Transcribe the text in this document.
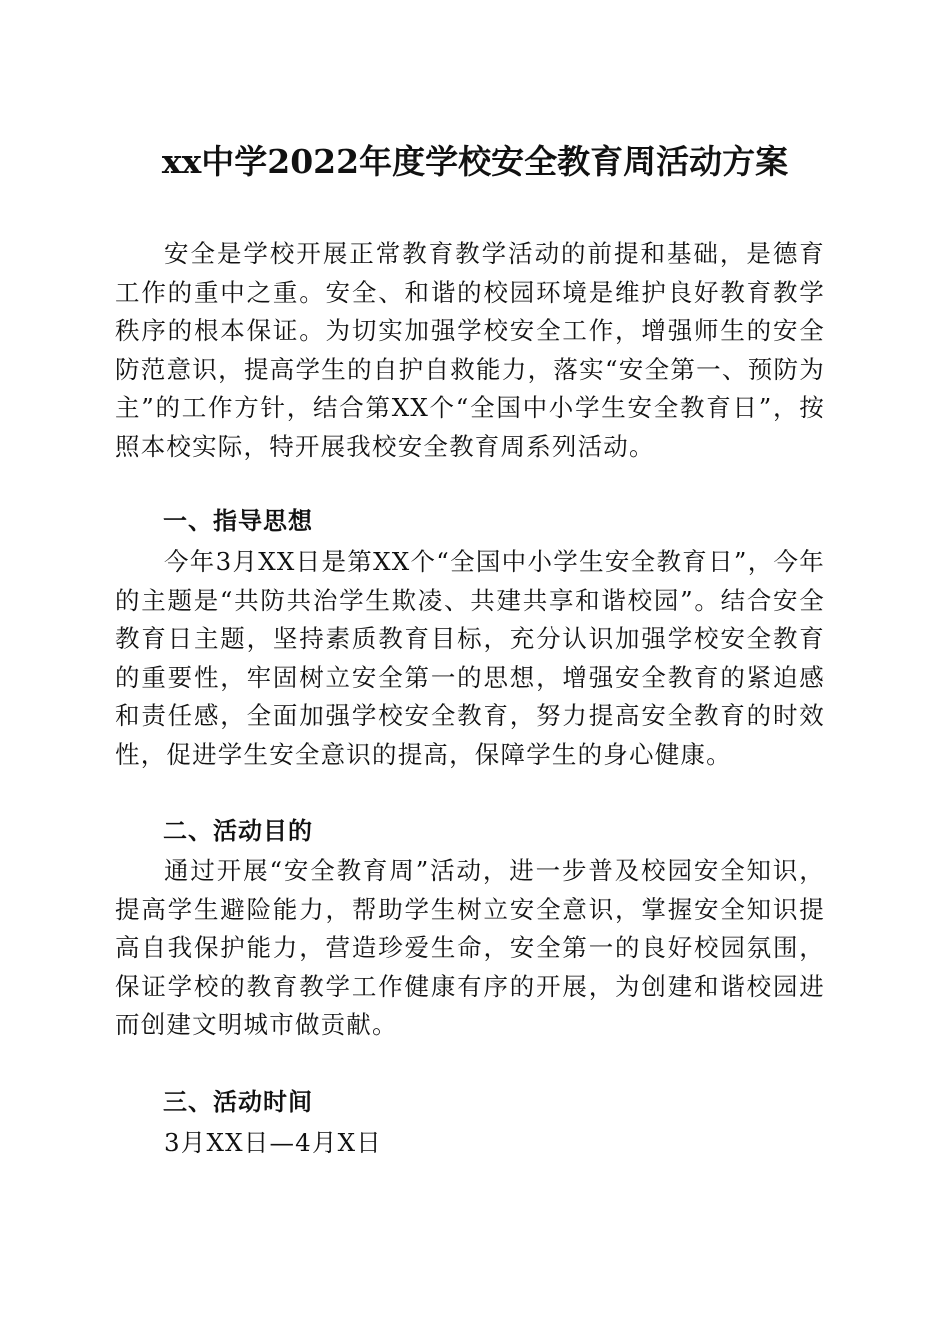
xx中学2022年度学校安全教育周活动方案

安全是学校开展正常教育教学活动的前提和基础，是德育工作的重中之重。安全、和谐的校园环境是维护良好教育教学秩序的根本保证。为切实加强学校安全工作，增强师生的安全防范意识，提高学生的自护自救能力，落实“安全第一、预防为主”的工作方针，结合第XX个“全国中小学生安全教育日”，按照本校实际，特开展我校安全教育周系列活动。

一、指导思想

今年3月XX日是第XX个“全国中小学生安全教育日”，今年的主题是“共防共治学生欺凌、共建共享和谐校园”。结合安全教育日主题，坚持素质教育目标，充分认识加强学校安全教育的重要性，牢固树立安全第一的思想，增强安全教育的紧迫感和责任感，全面加强学校安全教育，努力提高安全教育的时效性，促进学生安全意识的提高，保障学生的身心健康。

二、活动目的

通过开展“安全教育周”活动，进一步普及校园安全知识，提高学生避险能力，帮助学生树立安全意识，掌握安全知识提高自我保护能力，营造珍爱生命，安全第一的良好校园氛围，保证学校的教育教学工作健康有序的开展，为创建和谐校园进而创建文明城市做贡献。

三、活动时间

3月XX日—4月X日
